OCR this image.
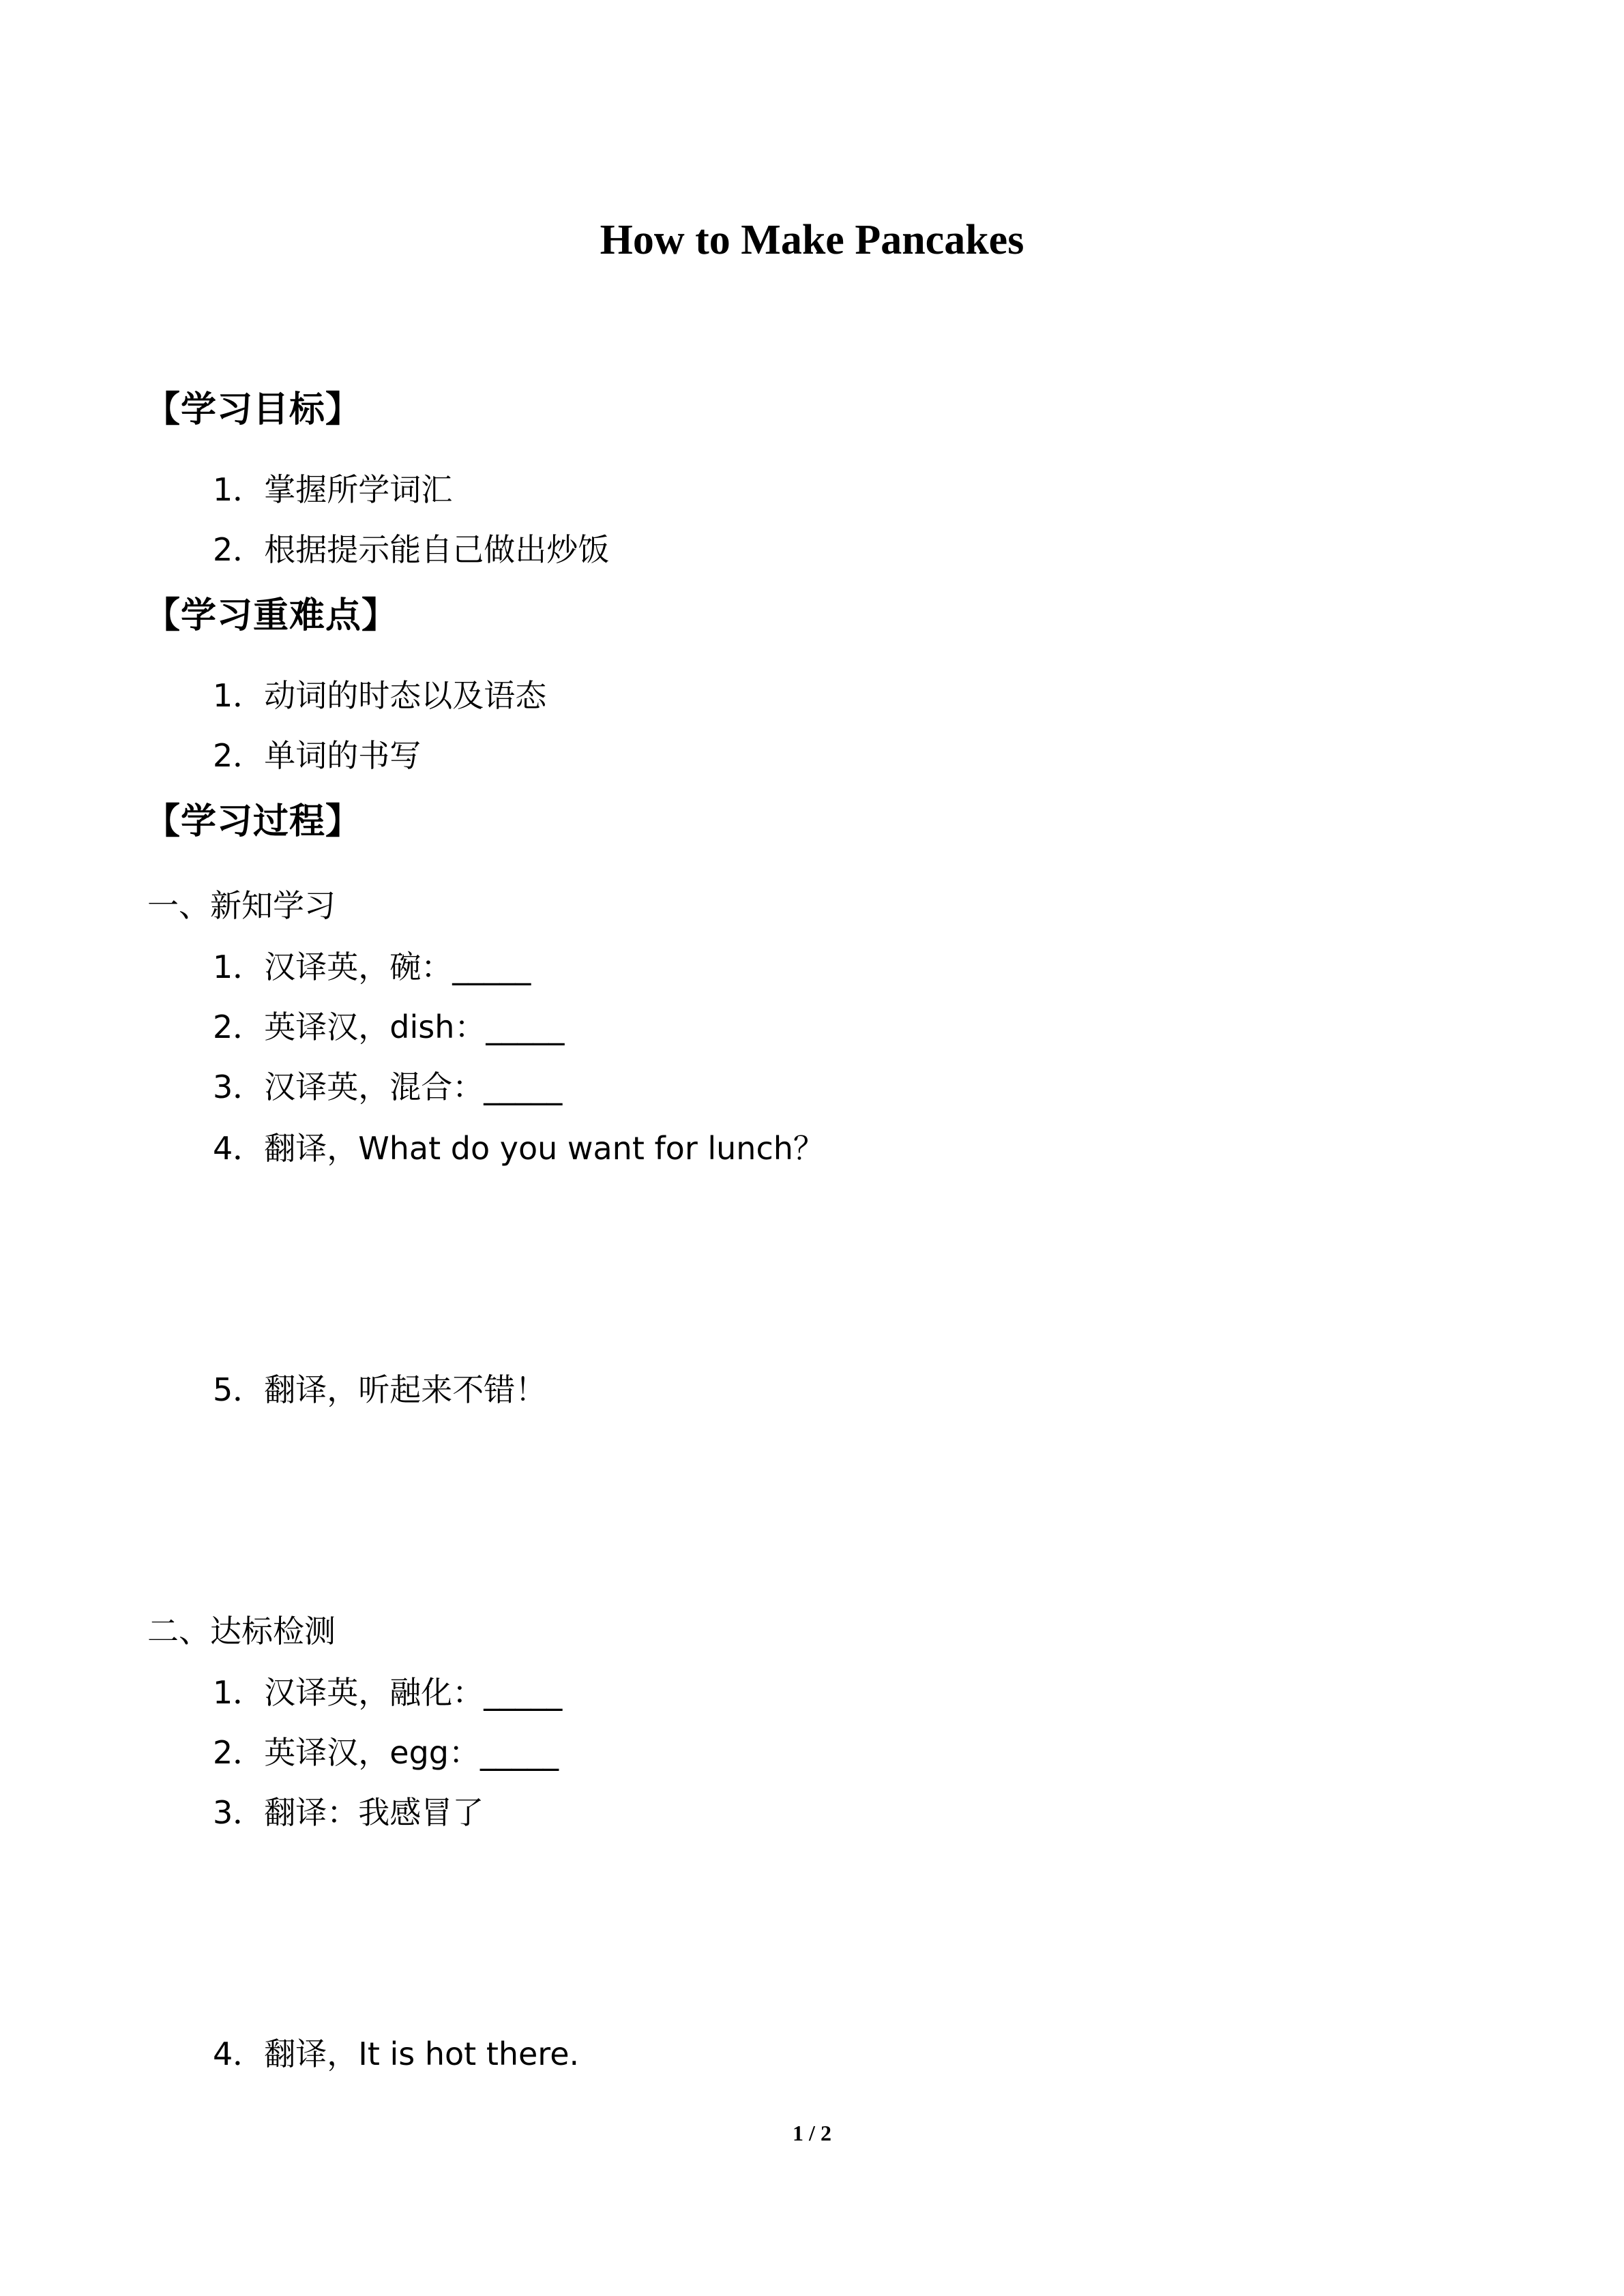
How to Make Pancakes
【学习目标】
1．掌握所学词汇
2．根据提示能自己做出炒饭
【学习重难点】
1．动词的时态以及语态
2．单词的书写
【学习过程】
一、新知学习
1．汉译英，碗：_____
2．英译汉，dish：_____
3．汉译英，混合：_____
4．翻译，What do you want for lunch？
5．翻译，听起来不错！
二、达标检测
1．汉译英，融化：_____
2．英译汉，egg：_____
3．翻译：我感冒了
4．翻译，It is hot there.
1 / 2
